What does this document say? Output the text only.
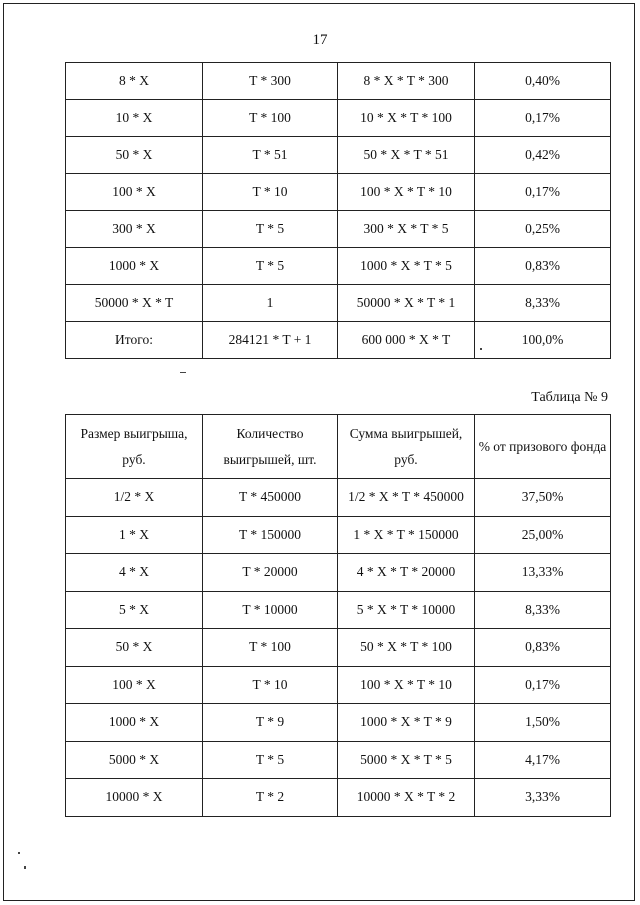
17
8 * X	T * 300	8 * X * T * 300	0,40%
10 * X	T * 100	10 * X * T * 100	0,17%
50 * X	T * 51	50 * X * T * 51	0,42%
100 * X	T * 10	100 * X * T * 10	0,17%
300 * X	T * 5	300 * X * T * 5	0,25%
1000 * X	T * 5	1000 * X * T * 5	0,83%
50000 * X * T	1	50000 * X * T * 1	8,33%
Итого:	284121 * T + 1	600 000 * X * T	100,0%
Таблица № 9
Размер выигрыша, руб.	Количество выигрышей, шт.	Сумма выигрышей, руб.	% от призового фонда
1/2 * X	T * 450000	1/2 * X * T * 450000	37,50%
1 * X	T * 150000	1 * X * T * 150000	25,00%
4 * X	T * 20000	4 * X * T * 20000	13,33%
5 * X	T * 10000	5 * X * T * 10000	8,33%
50 * X	T * 100	50 * X * T * 100	0,83%
100 * X	T * 10	100 * X * T * 10	0,17%
1000 * X	T * 9	1000 * X * T * 9	1,50%
5000 * X	T * 5	5000 * X * T * 5	4,17%
10000 * X	T * 2	10000 * X * T * 2	3,33%
